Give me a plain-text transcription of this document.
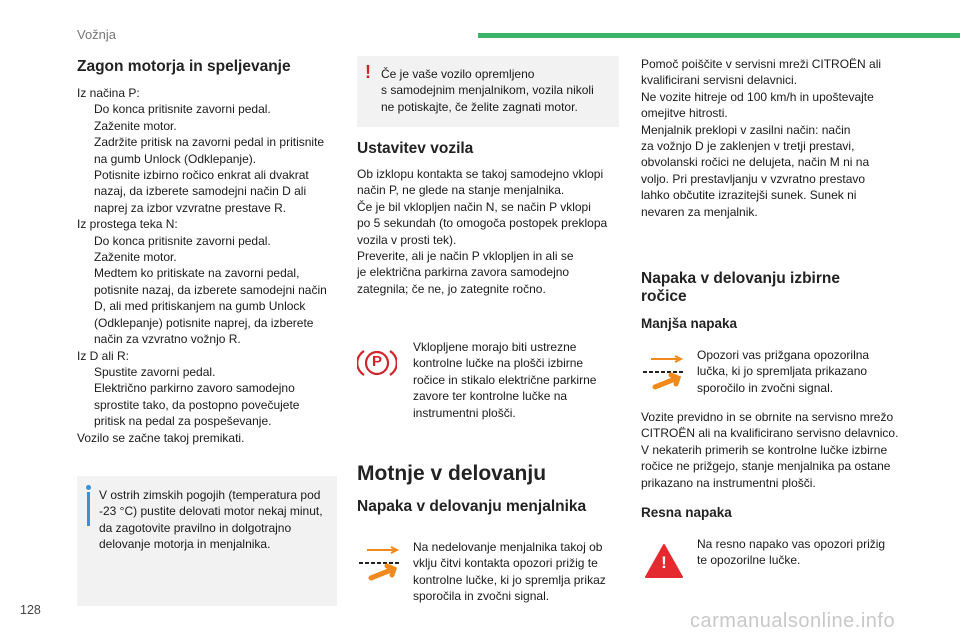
Vožnja
Zagon motorja in speljevanje

Iz načina P:

Do konca pritisnite zavorni pedal.

Zaženite motor.

Zadržite pritisk na zavorni pedal in pritisnite
na gumb Unlock (Odklepanje).

Potisnite izbirno ročico enkrat ali dvakrat
nazaj, da izberete samodejni način D ali
naprej za izbor vzvratne prestave R.

Iz prostega teka N:

Do konca pritisnite zavorni pedal.

Zaženite motor.

Medtem ko pritiskate na zavorni pedal,
potisnite nazaj, da izberete samodejni način
D, ali med pritiskanjem na gumb Unlock
(Odklepanje) potisnite naprej, da izberete
način za vzvratno vožnjo R.

Iz D ali R:

Spustite zavorni pedal.

Električno parkirno zavoro samodejno
sprostite tako, da postopno povečujete
pritisk na pedal za pospeševanje.

Vozilo se začne takoj premikati.

V ostrih zimskih pogojih (temperatura pod
-23 °C) pustite delovati motor nekaj minut,
da zagotovite pravilno in dolgotrajno
delovanje motorja in menjalnika.

! Če je vaše vozilo opremljeno
s samodejnim menjalnikom, vozila nikoli
ne potiskajte, če želite zagnati motor.

Ustavitev vozila

Ob izklopu kontakta se takoj samodejno vklopi
način P, ne glede na stanje menjalnika.
Če je bil vklopljen način N, se način P vklopi
po 5 sekundah (to omogoča postopek preklopa
vozila v prosti tek).
Preverite, ali je način P vklopljen in ali se
je električna parkirna zavora samodejno
zategnila; če ne, jo zategnite ročno.

P

Vklopljene morajo biti ustrezne
kontrolne lučke na plošči izbirne
ročice in stikalo električne parkirne
zavore ter kontrolne lučke na
instrumentni plošči.

Motnje v delovanju
Napaka v delovanju menjalnika

Na nedelovanje menjalnika takoj ob
vklju čitvi kontakta opozori prižig te
kontrolne lučke, ki jo spremlja prikaz
sporočila in zvočni signal.

Pomoč poiščite v servisni mreži CITROËN ali
kvalificirani servisni delavnici.
Ne vozite hitreje od 100 km/h in upoštevajte
omejitve hitrosti.
Menjalnik preklopi v zasilni način: način
za vožnjo D je zaklenjen v tretji prestavi,
obvolanski ročici ne delujeta, način M ni na
voljo. Pri prestavljanju v vzvratno prestavo
lahko občutite izrazitejši sunek. Sunek ni
nevaren za menjalnik.

Napaka v delovanju izbirne
ročice

Manjša napaka

Opozori vas prižgana opozorilna
lučka, ki jo spremljata prikazano
sporočilo in zvočni signal.

Vozite previdno in se obrnite na servisno mrežo
CITROËN ali na kvalificirano servisno delavnico.
V nekaterih primerih se kontrolne lučke izbirne
ročice ne prižgejo, stanje menjalnika pa ostane
prikazano na instrumentni plošči.

Resna napaka
!

Na resno napako vas opozori prižig
te opozorilne lučke.

128	carmanualsonline.info
